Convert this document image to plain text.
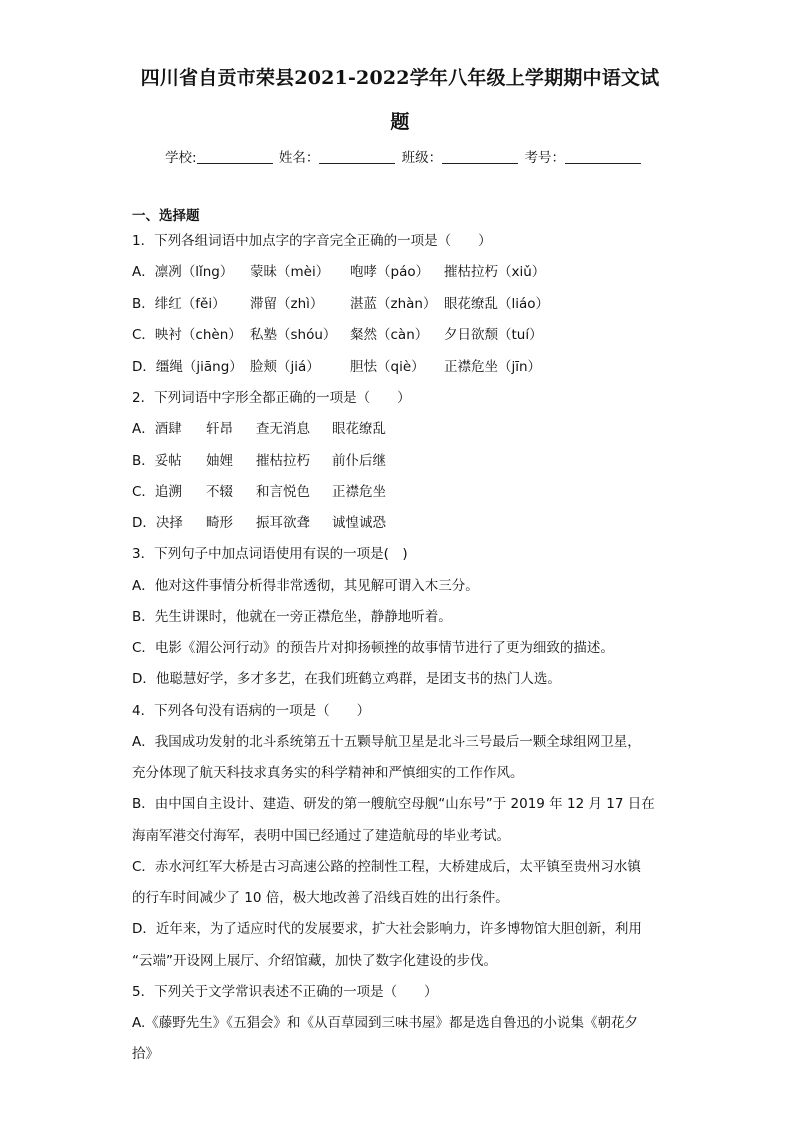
四川省自贡市荣县2021-2022学年八年级上学期期中语文试
题
学校:	姓名：	班级：	考号：
一、选择题
1．下列各组词语中加点字的字音完全正确的一项是（　　）
A．凛冽（lǐng） 蒙昧（mèi） 咆哮（páo） 摧枯拉朽（xiǔ）
B．绯红（fěi） 滞留（zhì） 湛蓝（zhàn） 眼花缭乱（liáo）
C．映衬（chèn） 私塾（shóu） 粲然（càn） 夕日欲颓（tuí）
D．缰绳（jiāng） 脸颊（jiá） 胆怯（qiè） 正襟危坐（jīn）
2．下列词语中字形全都正确的一项是（　　）
A．酒肆 轩昂 查无消息 眼花缭乱
B．妥帖 妯娌 摧枯拉朽 前仆后继
C．追溯 不辍 和言悦色 正襟危坐
D．决择 畸形 振耳欲聋 诚惶诚恐
3．下列句子中加点词语使用有误的一项是(　)
A．他对这件事情分析得非常透彻，其见解可谓入木三分。
B．先生讲课时，他就在一旁正襟危坐，静静地听着。
C．电影《湄公河行动》的预告片对抑扬顿挫的故事情节进行了更为细致的描述。
D．他聪慧好学，多才多艺，在我们班鹤立鸡群，是团支书的热门人选。
4．下列各句没有语病的一项是（　　）
A．我国成功发射的北斗系统第五十五颗导航卫星是北斗三号最后一颗全球组网卫星，
充分体现了航天科技求真务实的科学精神和严慎细实的工作作风。
B．由中国自主设计、建造、研发的第一艘航空母舰“山东号”于 2019 年 12 月 17 日在
海南军港交付海军，表明中国已经通过了建造航母的毕业考试。
C．赤水河红军大桥是古习高速公路的控制性工程，大桥建成后，太平镇至贵州习水镇
的行车时间减少了 10 倍，极大地改善了沿线百姓的出行条件。
D．近年来，为了适应时代的发展要求，扩大社会影响力，许多博物馆大胆创新，利用
“云端”开设网上展厅、介绍馆藏，加快了数字化建设的步伐。
5．下列关于文学常识表述不正确的一项是（　　）
A.《藤野先生》《五猖会》和《从百草园到三味书屋》都是选自鲁迅的小说集《朝花夕
拾》
